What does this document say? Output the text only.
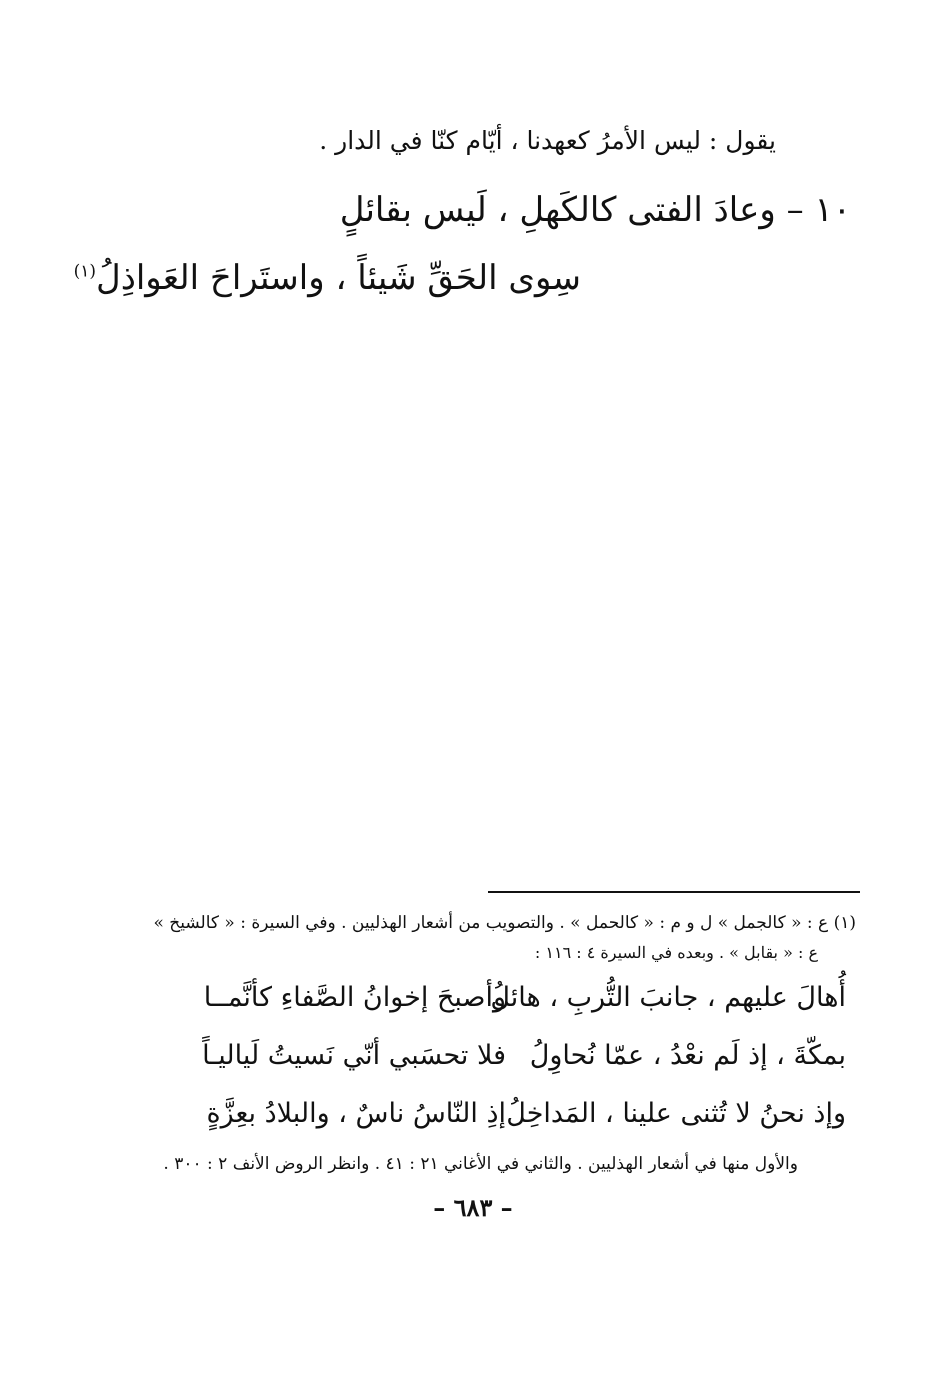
يقول : ليس الأمرُ كعهدنا ، أيّام كنّا في الدار .
١٠ – وعادَ الفتى كالكَهلِ ، لَيس بقائلٍ
سِوى الحَقِّ شَيئاً ، واستَراحَ العَواذِلُ$^{(١)}$
(١) ع : « كالجمل » ل و م : « كالحمل » . والتصويب من أشعار الهذليين . وفي السيرة : « كالشيخ »
ع : « بقابل » . وبعده في السيرة ٤ : ١١٦ :
أُهالَ عليهم ، جانبَ التُّربِ ، هائلُ
وأصبحَ إخوانُ الصَّفاءِ كأنَّمــا
بمكّةَ ، إذ لَم نعْدُ ، عمّا نُحاوِلُ
فلا تحسَبي أنّي نَسيتُ لَياليـاً
وإذ نحنُ لا تُثنى علينا ، المَداخِلُ
إذِ النّاسُ ناسٌ ، والبلادُ بعِزَّةٍ
والأول منها في أشعار الهذليين . والثاني في الأغاني ٢١ : ٤١ . وانظر الروض الأنف ٢ : ٣٠٠ .
– ٦٨٣ –
